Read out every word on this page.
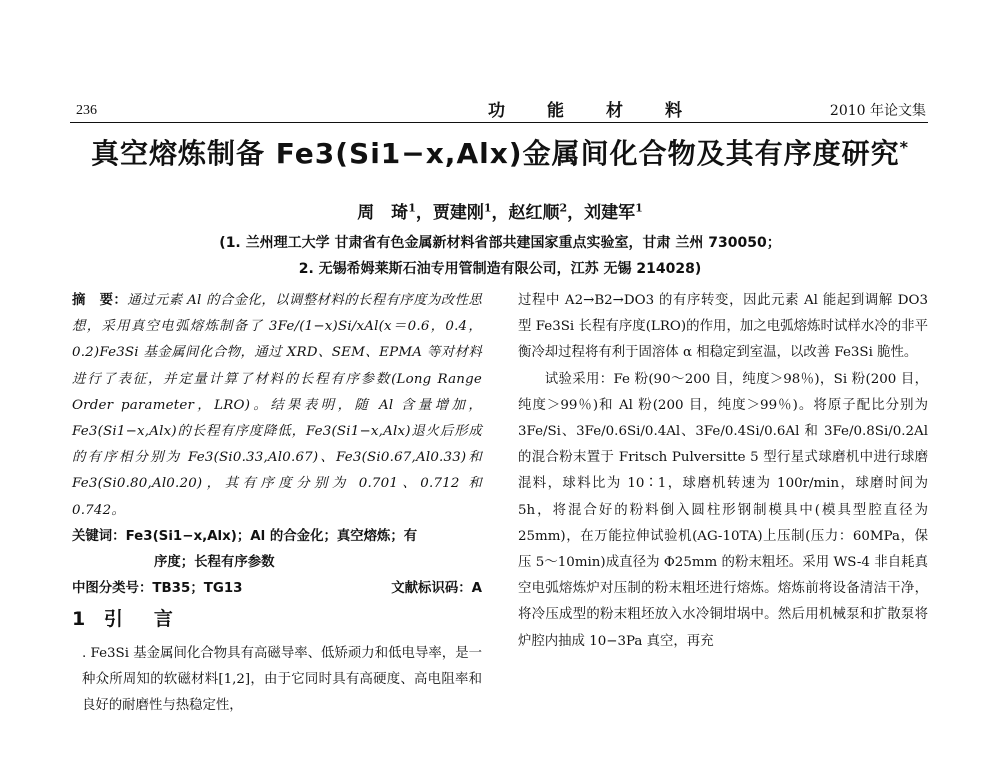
236	功能材料	2010 年论文集
真空熔炼制备 Fe3(Si1−x,Alx)金属间化合物及其有序度研究*
周　琦$^1$，贾建刚$^1$，赵红顺$^2$，刘建军$^1$
(1. 兰州理工大学 甘肃省有色金属新材料省部共建国家重点实验室，甘肃 兰州 730050；
2. 无锡希姆莱斯石油专用管制造有限公司，江苏 无锡 214028)

摘　要：通过元素 Al 的合金化，以调整材料的长程有序度为改性思想，采用真空电弧熔炼制备了 3Fe/(1−x)Si/xAl(x＝0.6，0.4，0.2)Fe3Si 基金属间化合物，通过 XRD、SEM、EPMA 等对材料进行了表征，并定量计算了材料的长程有序参数(Long Range Order parameter，LRO)。结果表明，随 Al 含量增加，Fe3(Si1−x,Alx)的长程有序度降低，Fe3(Si1−x,Alx)退火后形成的有序相分别为 Fe3(Si0.33,Al0.67)、Fe3(Si0.67,Al0.33)和 Fe3(Si0.80,Al0.20)，其有序度分别为 0.701、0.712 和 0.742。

关键词：Fe3(Si1−x,Alx)；Al 的合金化；真空熔炼；有
序度；长程有序参数
中图分类号：TB35；TG13	文献标识码：A
1 引　言

. Fe3Si 基金属间化合物具有高磁导率、低矫顽力和低电导率，是一种众所周知的软磁材料[1,2]，由于它同时具有高硬度、高电阻率和良好的耐磨性与热稳定性，

过程中 A2→B2→DO3 的有序转变，因此元素 Al 能起到调解 DO3 型 Fe3Si 长程有序度(LRO)的作用，加之电弧熔炼时试样水冷的非平衡冷却过程将有利于固溶体 α 相稳定到室温，以改善 Fe3Si 脆性。

试验采用：Fe 粉(90～200 目，纯度＞98％)，Si 粉(200 目，纯度＞99％)和 Al 粉(200 目，纯度＞99％)。将原子配比分别为 3Fe/Si、3Fe/0.6Si/0.4Al、3Fe/0.4Si/0.6Al 和 3Fe/0.8Si/0.2Al 的混合粉末置于 Fritsch Pulversitte 5 型行星式球磨机中进行球磨混料，球料比为 10∶1，球磨机转速为 100r/min，球磨时间为 5h，将混合好的粉料倒入圆柱形钢制模具中(模具型腔直径为 25mm)，在万能拉伸试验机(AG-10TA)上压制(压力：60MPa，保压 5～10min)成直径为 Φ25mm 的粉末粗坯。采用 WS-4 非自耗真空电弧熔炼炉对压制的粉末粗坯进行熔炼。熔炼前将设备清洁干净，将冷压成型的粉末粗坯放入水冷铜坩埚中。然后用机械泵和扩散泵将炉腔内抽成 10−3Pa 真空，再充
